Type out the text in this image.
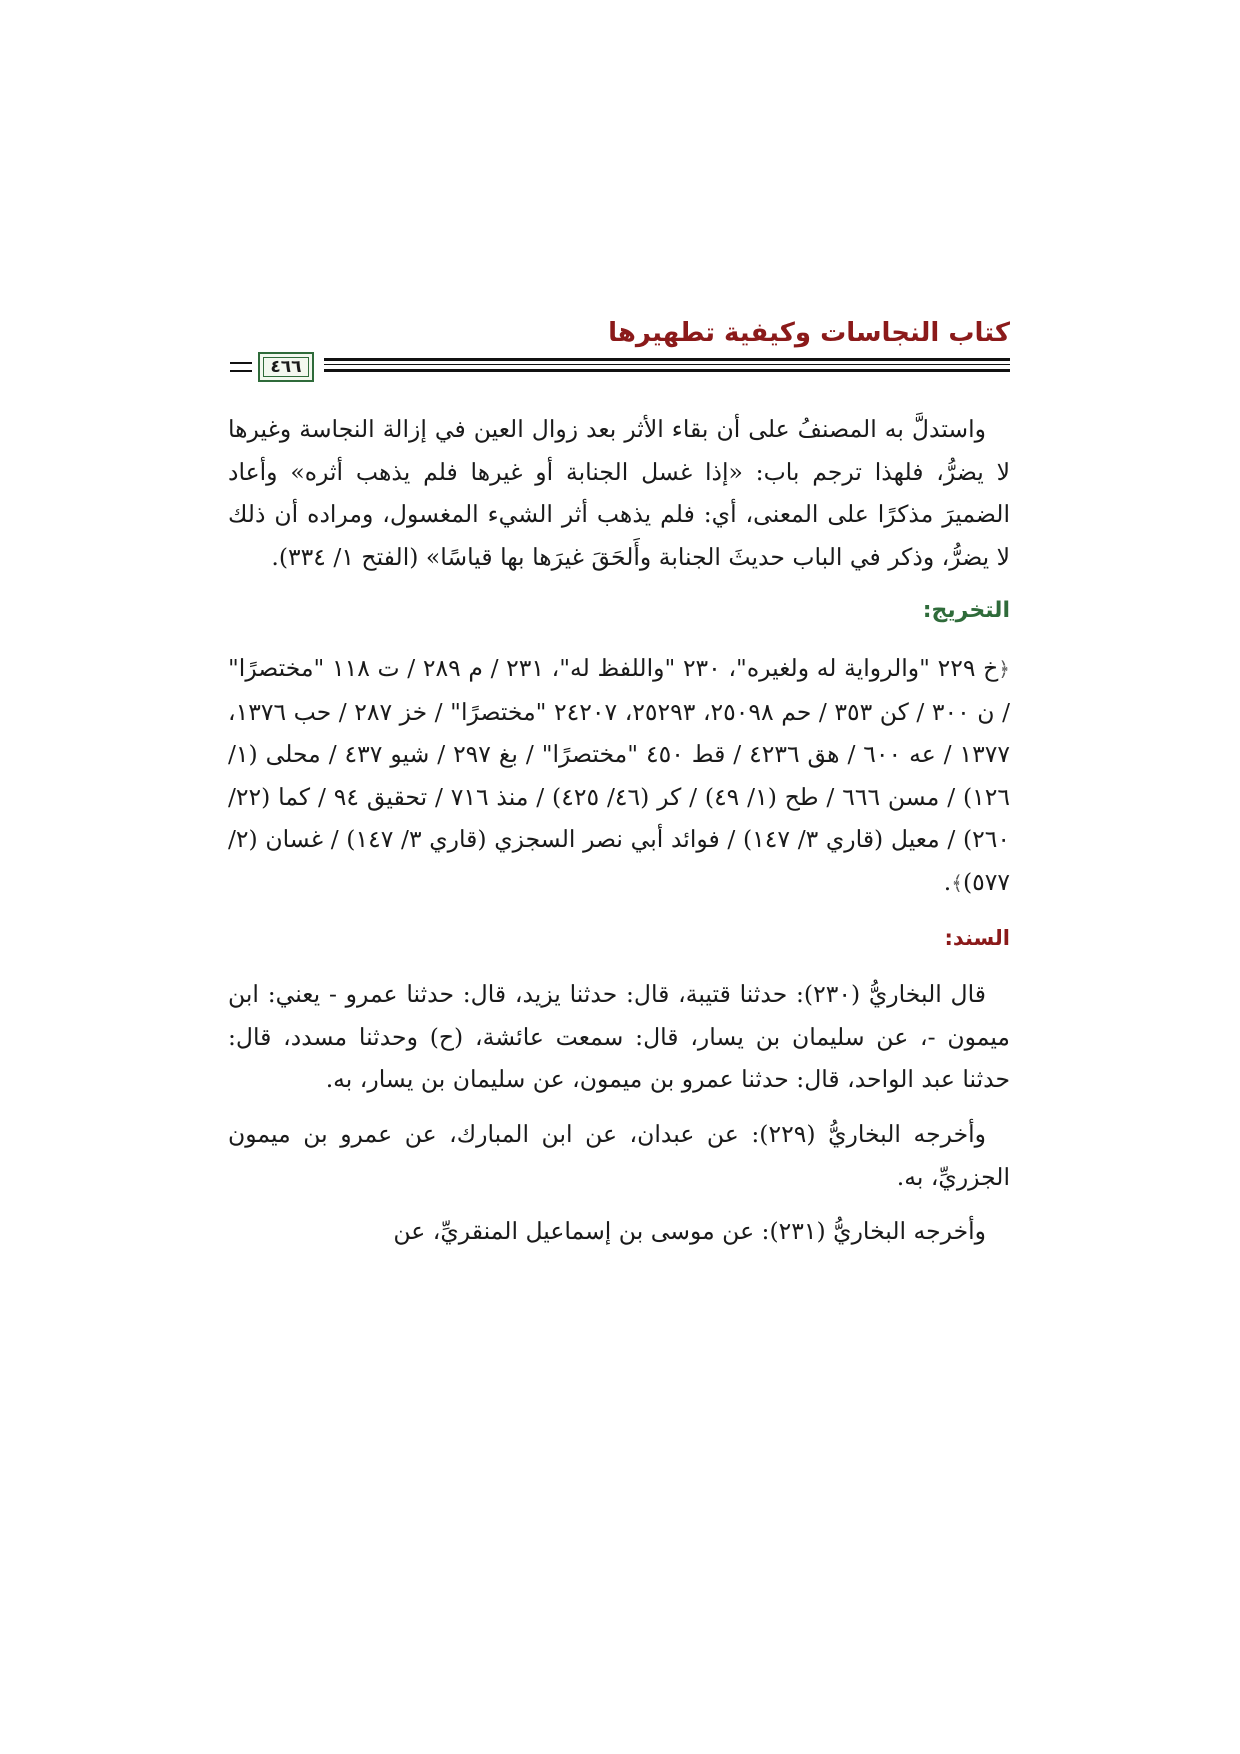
كتاب النجاسات وكيفية تطهيرها
٤٦٦

واستدلَّ به المصنفُ على أن بقاء الأثر بعد زوال العين في إزالة النجاسة وغيرها لا يضرُّ، فلهذا ترجم باب: «إذا غسل الجنابة أو غيرها فلم يذهب أثره» وأعاد الضميرَ مذكرًا على المعنى، أي: فلم يذهب أثر الشيء المغسول، ومراده أن ذلك لا يضرُّ، وذكر في الباب حديثَ الجنابة وأَلحَقَ غيرَها بها قياسًا» (الفتح ١/ ٣٣٤).

التخريج:

﴿خ ٢٢٩ "والرواية له ولغيره"، ٢٣٠ "واللفظ له"، ٢٣١ / م ٢٨٩ / ت ١١٨ "مختصرًا" / ن ٣٠٠ / كن ٣٥٣ / حم ٢٥٠٩٨، ٢٥٢٩٣، ٢٤٢٠٧ "مختصرًا" / خز ٢٨٧ / حب ١٣٧٦، ١٣٧٧ / عه ٦٠٠ / هق ٤٢٣٦ / قط ٤٥٠ "مختصرًا" / بغ ٢٩٧ / شيو ٤٣٧ / محلى (١/ ١٢٦) / مسن ٦٦٦ / طح (١/ ٤٩) / كر (٤٦/ ٤٢٥) / منذ ٧١٦ / تحقيق ٩٤ / كما (٢٢/ ٢٦٠) / معيل (قاري ٣/ ١٤٧) / فوائد أبي نصر السجزي (قاري ٣/ ١٤٧) / غسان (٢/ ٥٧٧)﴾.

السند:

قال البخاريُّ (٢٣٠): حدثنا قتيبة، قال: حدثنا يزيد، قال: حدثنا عمرو - يعني: ابن ميمون -، عن سليمان بن يسار، قال: سمعت عائشة، (ح) وحدثنا مسدد، قال: حدثنا عبد الواحد، قال: حدثنا عمرو بن ميمون، عن سليمان بن يسار، به.

وأخرجه البخاريُّ (٢٢٩): عن عبدان، عن ابن المبارك، عن عمرو بن ميمون الجزريِّ، به.

وأخرجه البخاريُّ (٢٣١): عن موسى بن إسماعيل المنقريِّ، عن
